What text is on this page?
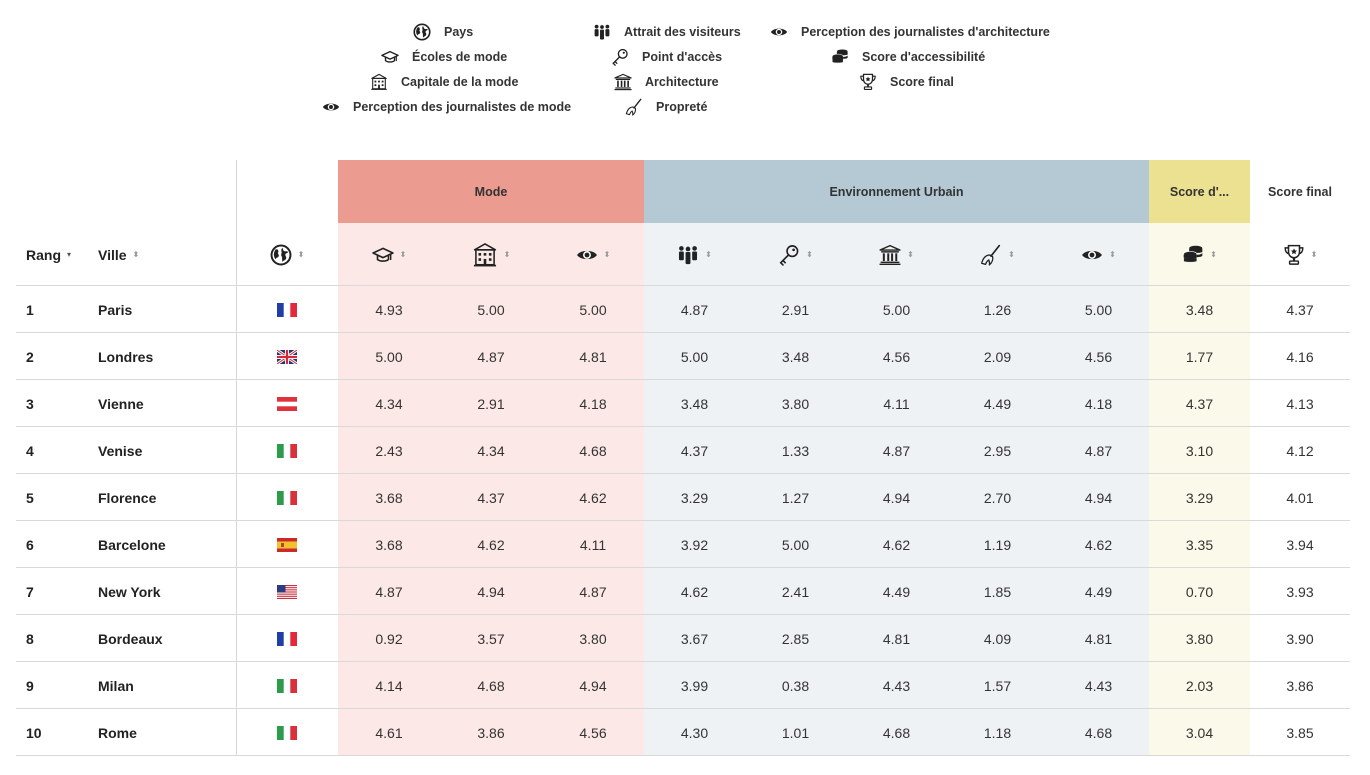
Pays
Écoles de mode
Capitale de la mode
Perception des journalistes de mode
Attrait des visiteurs
Point d'accès
Architecture
Propreté
Perception des journalistes d'architecture
Score d'accessibilité
Score final
Mode	Environnement Urbain	Score d'...	Score final
Rang ▾ Ville ⬍	⬍	⬍	⬍	⬍	⬍	⬍	⬍	⬍	⬍	⬍	⬍
1	Paris	4.93	5.00	5.00	4.87	2.91	5.00	1.26	5.00	3.48	4.37
2	Londres	5.00	4.87	4.81	5.00	3.48	4.56	2.09	4.56	1.77	4.16
3	Vienne	4.34	2.91	4.18	3.48	3.80	4.11	4.49	4.18	4.37	4.13
4	Venise	2.43	4.34	4.68	4.37	1.33	4.87	2.95	4.87	3.10	4.12
5	Florence	3.68	4.37	4.62	3.29	1.27	4.94	2.70	4.94	3.29	4.01
6	Barcelone	3.68	4.62	4.11	3.92	5.00	4.62	1.19	4.62	3.35	3.94
7	New York	4.87	4.94	4.87	4.62	2.41	4.49	1.85	4.49	0.70	3.93
8	Bordeaux	0.92	3.57	3.80	3.67	2.85	4.81	4.09	4.81	3.80	3.90
9	Milan	4.14	4.68	4.94	3.99	0.38	4.43	1.57	4.43	2.03	3.86
10	Rome	4.61	3.86	4.56	4.30	1.01	4.68	1.18	4.68	3.04	3.85
